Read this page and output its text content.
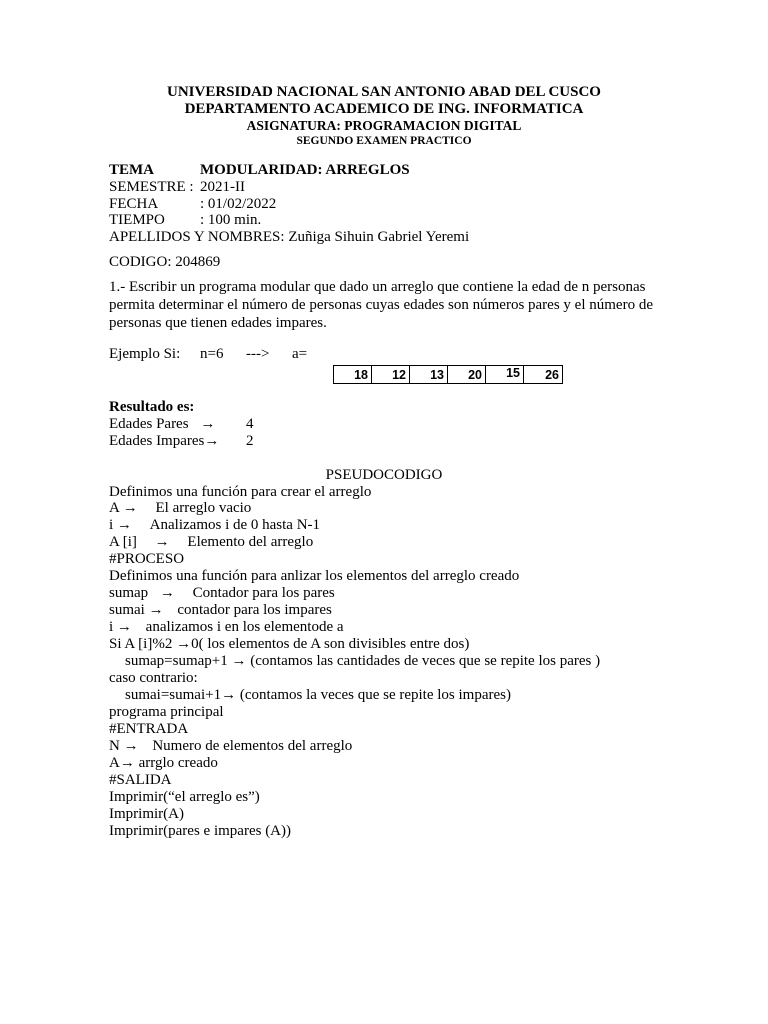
UNIVERSIDAD NACIONAL SAN ANTONIO ABAD DEL CUSCO
DEPARTAMENTO ACADEMICO DE ING. INFORMATICA
ASIGNATURA: PROGRAMACION DIGITAL
SEGUNDO EXAMEN PRACTICO
TEMA	MODULARIDAD: ARREGLOS
SEMESTRE : 2021-II
FECHA	: 01/02/2022
TIEMPO : 100 min.
APELLIDOS Y NOMBRES: Zuñiga Sihuin Gabriel Yeremi
CODIGO: 204869
1.- Escribir un programa modular que dado un arreglo que contiene la edad de n personas permita determinar el número de personas cuyas edades son números pares y el número de personas que tienen edades impares.
Ejemplo Si: n=6 ---> a=
18	12	13	20	15	26
Resultado es:
Edades Pares → 4
Edades Impares→ 2
PSEUDOCODIGO
Definimos una función para crear el arreglo
A → El arreglo vacio
i → Analizamos i de 0 hasta N-1
A [i] → Elemento del arreglo
#PROCESO
Definimos una función para anlizar los elementos del arreglo creado
sumap → Contador para los pares
sumai → contador para los impares
i → analizamos i en los elementode a
Si A [i]%2 →0( los elementos de A son divisibles entre dos)
sumap=sumap+1 → (contamos las cantidades de veces que se repite los pares )
caso contrario:
sumai=sumai+1→ (contamos la veces que se repite los impares)
programa principal
#ENTRADA
N → Numero de elementos del arreglo
A→ arrglo creado
#SALIDA
Imprimir(“el arreglo es”)
Imprimir(A)
Imprimir(pares e impares (A))
